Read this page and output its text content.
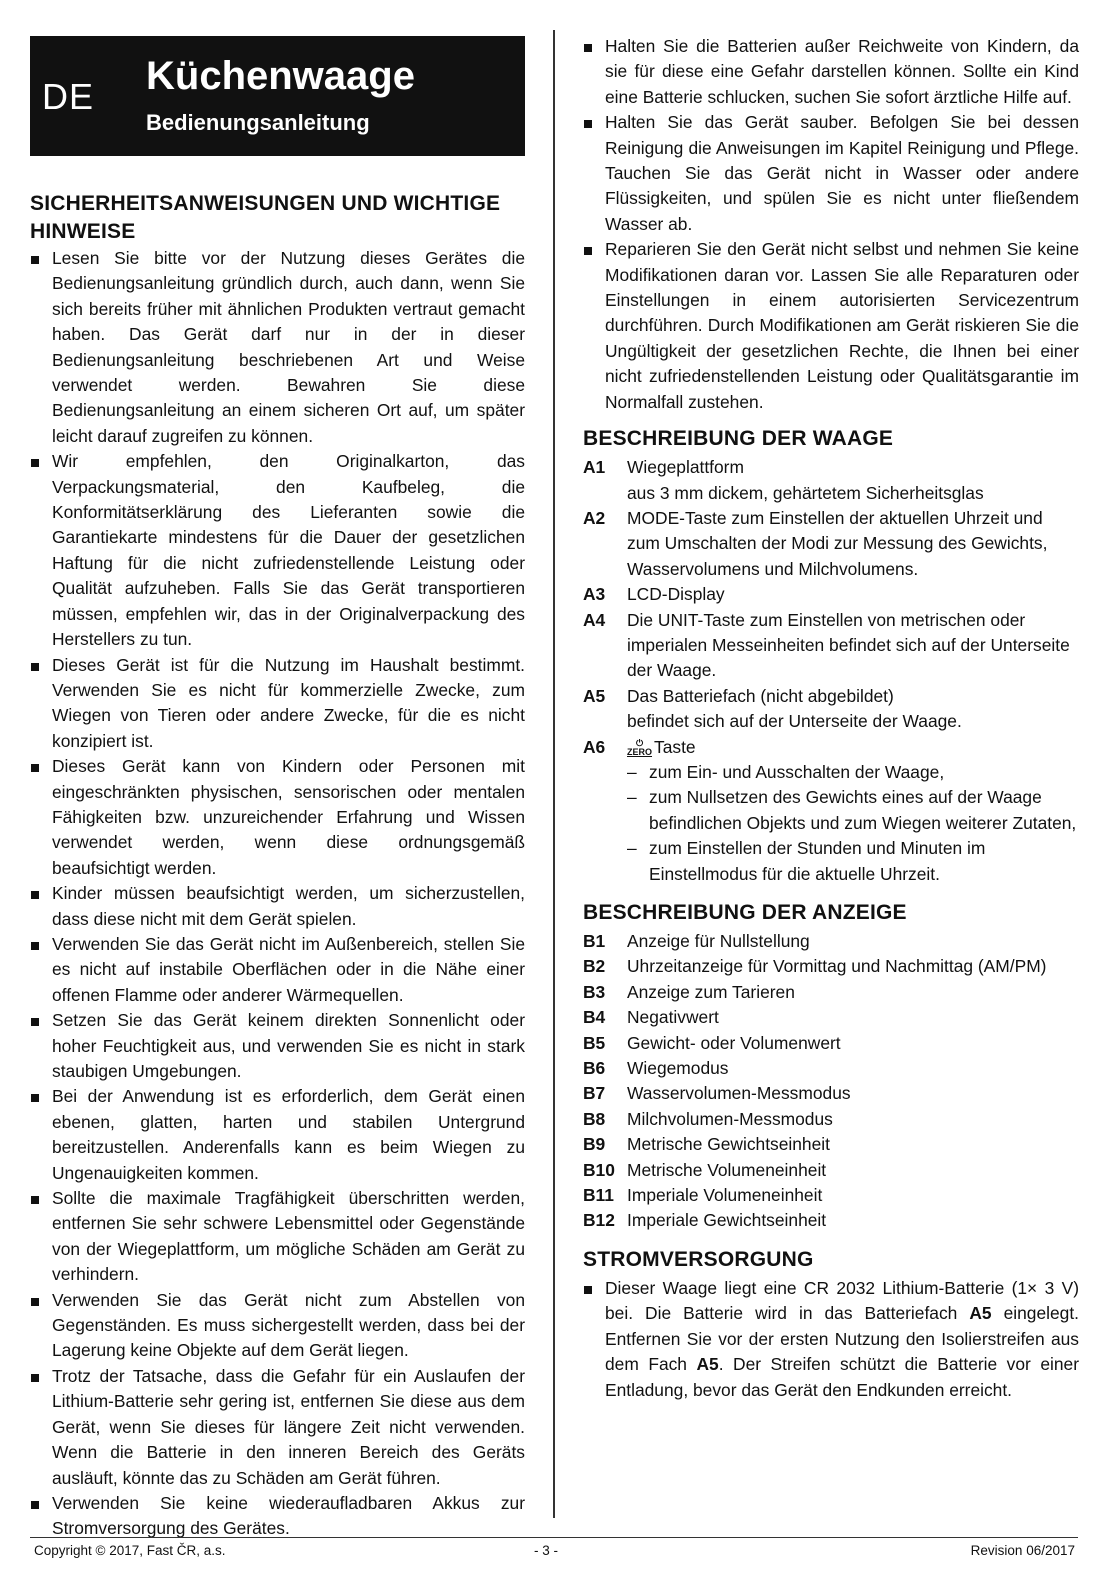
DE Küchenwaage
Bedienungsanleitung
SICHERHEITSANWEISUNGEN UND WICHTIGE HINWEISE
Lesen Sie bitte vor der Nutzung dieses Gerätes die Bedienungsanleitung gründlich durch, auch dann, wenn Sie sich bereits früher mit ähnlichen Produkten vertraut gemacht haben. Das Gerät darf nur in der in dieser Bedienungsanleitung beschriebenen Art und Weise verwendet werden. Bewahren Sie diese Bedienungsanleitung an einem sicheren Ort auf, um später leicht darauf zugreifen zu können.
Wir empfehlen, den Originalkarton, das Verpackungsmaterial, den Kaufbeleg, die Konformitätserklärung des Lieferanten sowie die Garantiekarte mindestens für die Dauer der gesetzlichen Haftung für die nicht zufriedenstellende Leistung oder Qualität aufzuheben. Falls Sie das Gerät transportieren müssen, empfehlen wir, das in der Originalverpackung des Herstellers zu tun.
Dieses Gerät ist für die Nutzung im Haushalt bestimmt. Verwenden Sie es nicht für kommerzielle Zwecke, zum Wiegen von Tieren oder andere Zwecke, für die es nicht konzipiert ist.
Dieses Gerät kann von Kindern oder Personen mit eingeschränkten physischen, sensorischen oder mentalen Fähigkeiten bzw. unzureichender Erfahrung und Wissen verwendet werden, wenn diese ordnungsgemäß beaufsichtigt werden.
Kinder müssen beaufsichtigt werden, um sicherzustellen, dass diese nicht mit dem Gerät spielen.
Verwenden Sie das Gerät nicht im Außenbereich, stellen Sie es nicht auf instabile Oberflächen oder in die Nähe einer offenen Flamme oder anderer Wärmequellen.
Setzen Sie das Gerät keinem direkten Sonnenlicht oder hoher Feuchtigkeit aus, und verwenden Sie es nicht in stark staubigen Umgebungen.
Bei der Anwendung ist es erforderlich, dem Gerät einen ebenen, glatten, harten und stabilen Untergrund bereitzustellen. Anderenfalls kann es beim Wiegen zu Ungenauigkeiten kommen.
Sollte die maximale Tragfähigkeit überschritten werden, entfernen Sie sehr schwere Lebensmittel oder Gegenstände von der Wiegeplattform, um mögliche Schäden am Gerät zu verhindern.
Verwenden Sie das Gerät nicht zum Abstellen von Gegenständen. Es muss sichergestellt werden, dass bei der Lagerung keine Objekte auf dem Gerät liegen.
Trotz der Tatsache, dass die Gefahr für ein Auslaufen der Lithium-Batterie sehr gering ist, entfernen Sie diese aus dem Gerät, wenn Sie dieses für längere Zeit nicht verwenden. Wenn die Batterie in den inneren Bereich des Geräts ausläuft, könnte das zu Schäden am Gerät führen.
Verwenden Sie keine wiederaufladbaren Akkus zur Stromversorgung des Gerätes.
Halten Sie die Batterien außer Reichweite von Kindern, da sie für diese eine Gefahr darstellen können. Sollte ein Kind eine Batterie schlucken, suchen Sie sofort ärztliche Hilfe auf.
Halten Sie das Gerät sauber. Befolgen Sie bei dessen Reinigung die Anweisungen im Kapitel Reinigung und Pflege. Tauchen Sie das Gerät nicht in Wasser oder andere Flüssigkeiten, und spülen Sie es nicht unter fließendem Wasser ab.
Reparieren Sie den Gerät nicht selbst und nehmen Sie keine Modifikationen daran vor. Lassen Sie alle Reparaturen oder Einstellungen in einem autorisierten Servicezentrum durchführen. Durch Modifikationen am Gerät riskieren Sie die Ungültigkeit der gesetzlichen Rechte, die Ihnen bei einer nicht zufriedenstellenden Leistung oder Qualitätsgarantie im Normalfall zustehen.
BESCHREIBUNG DER WAAGE
A1	Wiegeplattform
aus 3 mm dickem, gehärtetem Sicherheitsglas
A2	MODE-Taste zum Einstellen der aktuellen Uhrzeit und zum Umschalten der Modi zur Messung des Gewichts, Wasservolumens und Milchvolumens.
A3	LCD-Display
A4	Die UNIT-Taste zum Einstellen von metrischen oder imperialen Messeinheiten befindet sich auf der Unterseite der Waage.
A5	Das Batteriefach (nicht abgebildet)
befindet sich auf der Unterseite der Waage.
A6	⏻
ZERO Taste
– zum Ein- und Ausschalten der Waage,
– zum Nullsetzen des Gewichts eines auf der Waage befindlichen Objekts und zum Wiegen weiterer Zutaten,
– zum Einstellen der Stunden und Minuten im Einstellmodus für die aktuelle Uhrzeit.
BESCHREIBUNG DER ANZEIGE
B1	Anzeige für Nullstellung
B2	Uhrzeitanzeige für Vormittag und Nachmittag (AM/PM)
B3	Anzeige zum Tarieren
B4	Negativwert
B5	Gewicht- oder Volumenwert
B6	Wiegemodus
B7	Wasservolumen-Messmodus
B8	Milchvolumen-Messmodus
B9	Metrische Gewichtseinheit
B10 Metrische Volumeneinheit
B11 Imperiale Volumeneinheit
B12 Imperiale Gewichtseinheit
STROMVERSORGUNG
Dieser Waage liegt eine CR 2032 Lithium-Batterie (1× 3 V) bei. Die Batterie wird in das Batteriefach A5 eingelegt. Entfernen Sie vor der ersten Nutzung den Isolierstreifen aus dem Fach A5. Der Streifen schützt die Batterie vor einer Entladung, bevor das Gerät den Endkunden erreicht.
Copyright © 2017, Fast ČR, a.s.	- 3 -	Revision 06/2017
